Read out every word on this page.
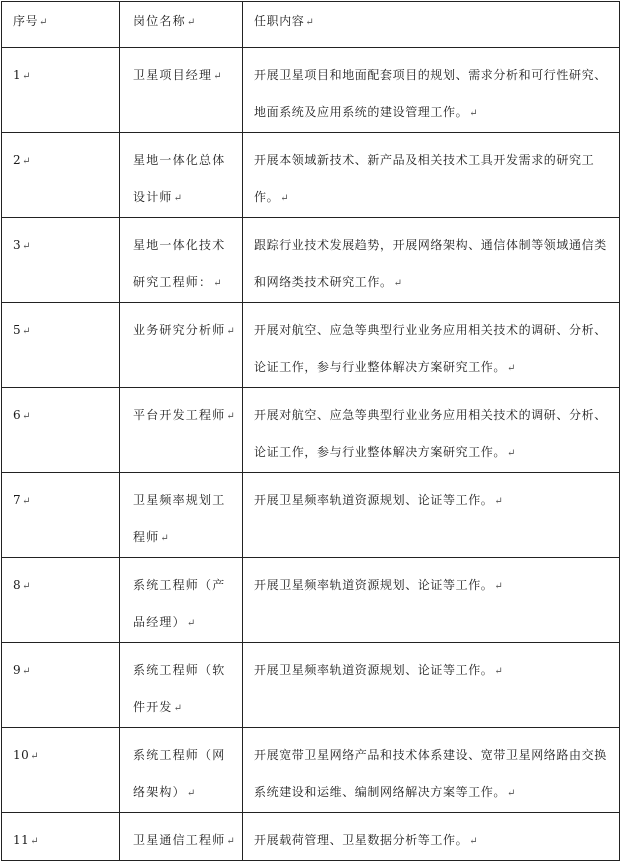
序号↵	岗位名称↵	任职内容↵

1↵	卫星项目经理↵	开展卫星项目和地面配套项目的规划、需求分析和可行性研究、地面系统及应用系统的建设管理工作。↵

2↵	星地一体化总体设计师↵	开展本领域新技术、新产品及相关技术工具开发需求的研究工作。↵

3↵	星地一体化技术研究工程师：↵	跟踪行业技术发展趋势，开展网络架构、通信体制等领域通信类和网络类技术研究工作。↵

5↵	业务研究分析师↵	开展对航空、应急等典型行业业务应用相关技术的调研、分析、论证工作，参与行业整体解决方案研究工作。↵

6↵	平台开发工程师↵	开展对航空、应急等典型行业业务应用相关技术的调研、分析、论证工作，参与行业整体解决方案研究工作。↵

7↵	卫星频率规划工程师↵	开展卫星频率轨道资源规划、论证等工作。↵

8↵	系统工程师（产品经理）↵	开展卫星频率轨道资源规划、论证等工作。↵

9↵	系统工程师（软件开发↵	开展卫星频率轨道资源规划、论证等工作。↵

10↵	系统工程师（网络架构）↵	开展宽带卫星网络产品和技术体系建设、宽带卫星网络路由交换系统建设和运维、编制网络解决方案等工作。↵

11↵	卫星通信工程师↵	开展载荷管理、卫星数据分析等工作。↵
